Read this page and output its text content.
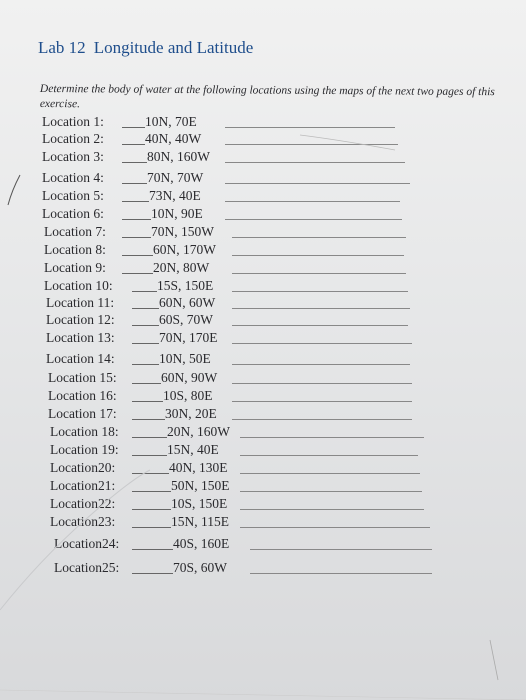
Lab 12 Longitude and Latitude
Determine the body of water at the following locations using the maps of the next two pages of this exercise.
Location 1:	10N, 70E
Location 2:	40N, 40W
Location 3:	80N, 160W
Location 4:	70N, 70W
Location 5:	73N, 40E
Location 6:	10N, 90E
Location 7:	70N, 150W
Location 8:	60N, 170W
Location 9:	20N, 80W
Location 10:	15S, 150E
Location 11:	60N, 60W
Location 12:	60S, 70W
Location 13:	70N, 170E
Location 14:	10N, 50E
Location 15:	60N, 90W
Location 16:	10S, 80E
Location 17:	30N, 20E
Location 18:	20N, 160W
Location 19:	15N, 40E
Location20:	40N, 130E
Location21:	50N, 150E
Location22:	10S, 150E
Location23:	15N, 115E
Location24:	40S, 160E
Location25:	70S, 60W
